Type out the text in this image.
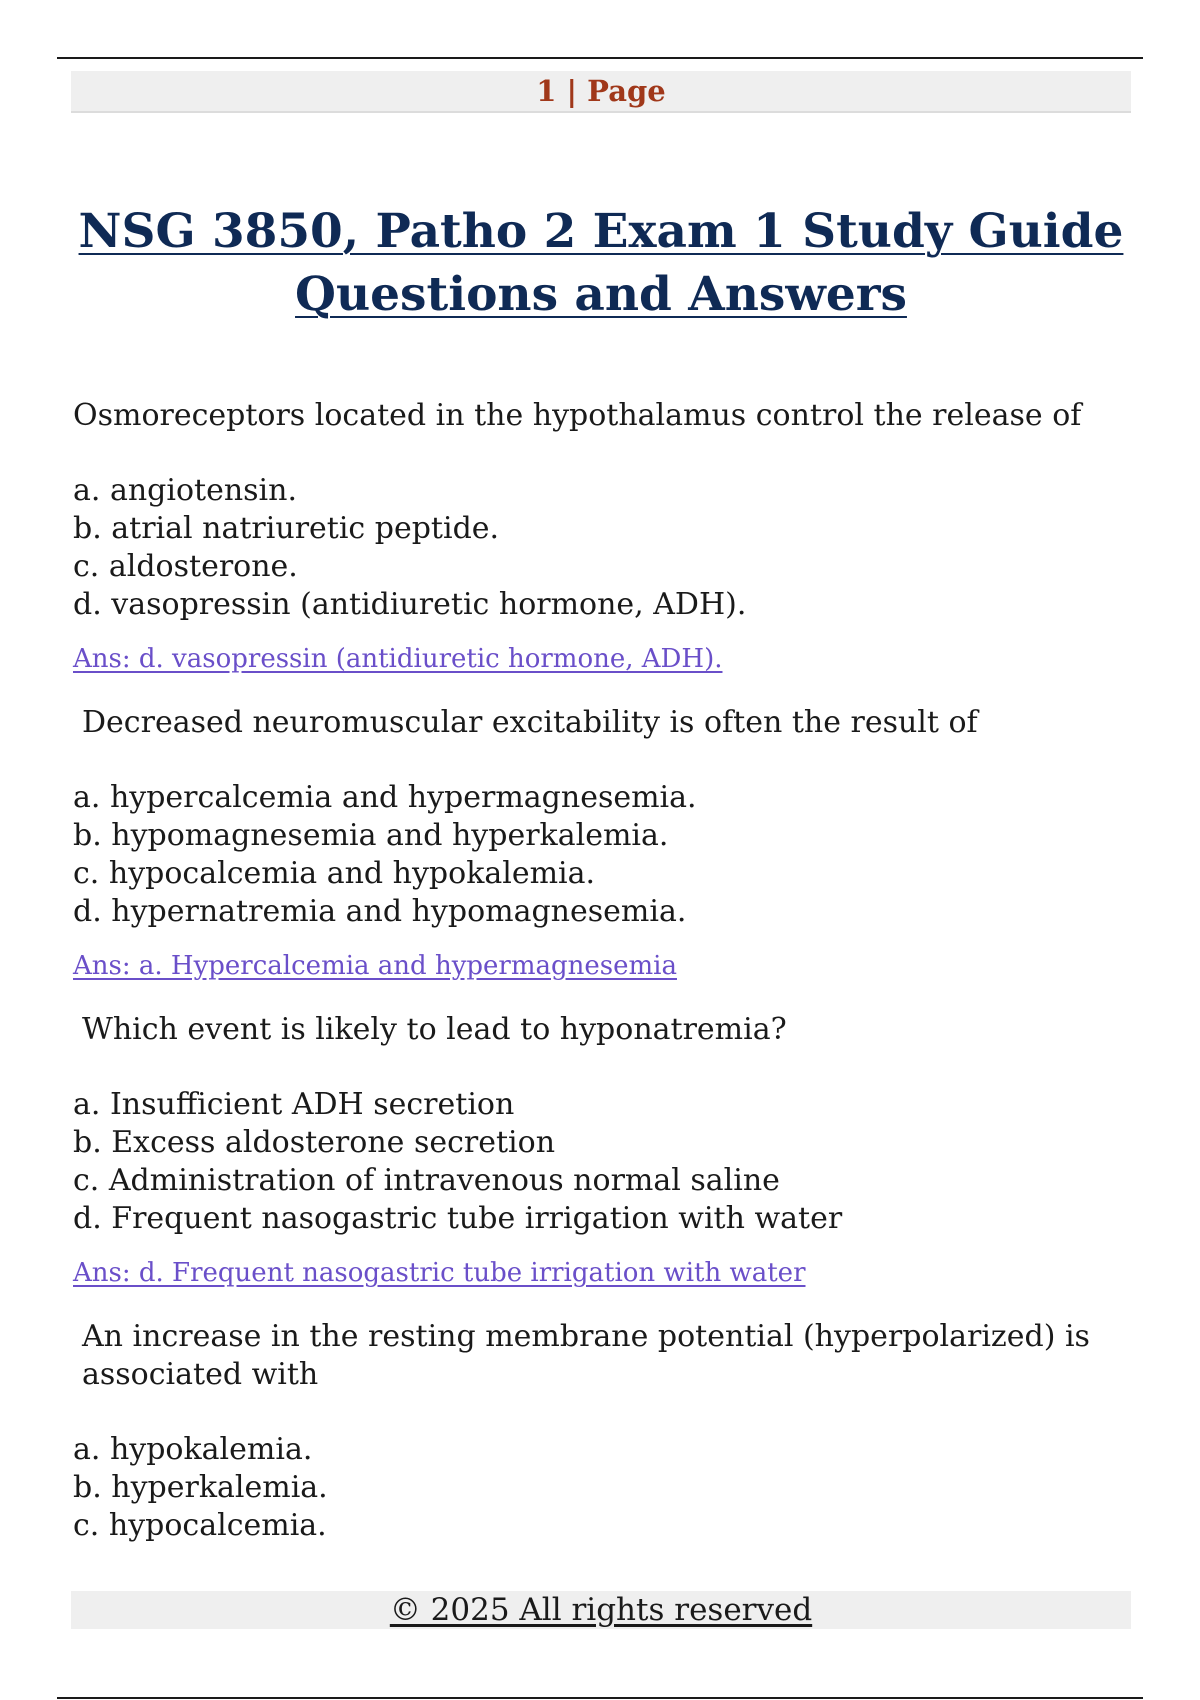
1 | Page
NSG 3850, Patho 2 Exam 1 Study Guide
Questions and Answers

Osmoreceptors located in the hypothalamus control the release of

a. angiotensin.
b. atrial natriuretic peptide.
c. aldosterone.
d. vasopressin (antidiuretic hormone, ADH).
Ans: d. vasopressin (antidiuretic hormone, ADH).

Decreased neuromuscular excitability is often the result of

a. hypercalcemia and hypermagnesemia.
b. hypomagnesemia and hyperkalemia.
c. hypocalcemia and hypokalemia.
d. hypernatremia and hypomagnesemia.
Ans: a. Hypercalcemia and hypermagnesemia

Which event is likely to lead to hyponatremia?

a. Insufficient ADH secretion
b. Excess aldosterone secretion
c. Administration of intravenous normal saline
d. Frequent nasogastric tube irrigation with water
Ans: d. Frequent nasogastric tube irrigation with water

An increase in the resting membrane potential (hyperpolarized) is associated with

a. hypokalemia.
b. hyperkalemia.
c. hypocalcemia.
© 2025 All rights reserved
